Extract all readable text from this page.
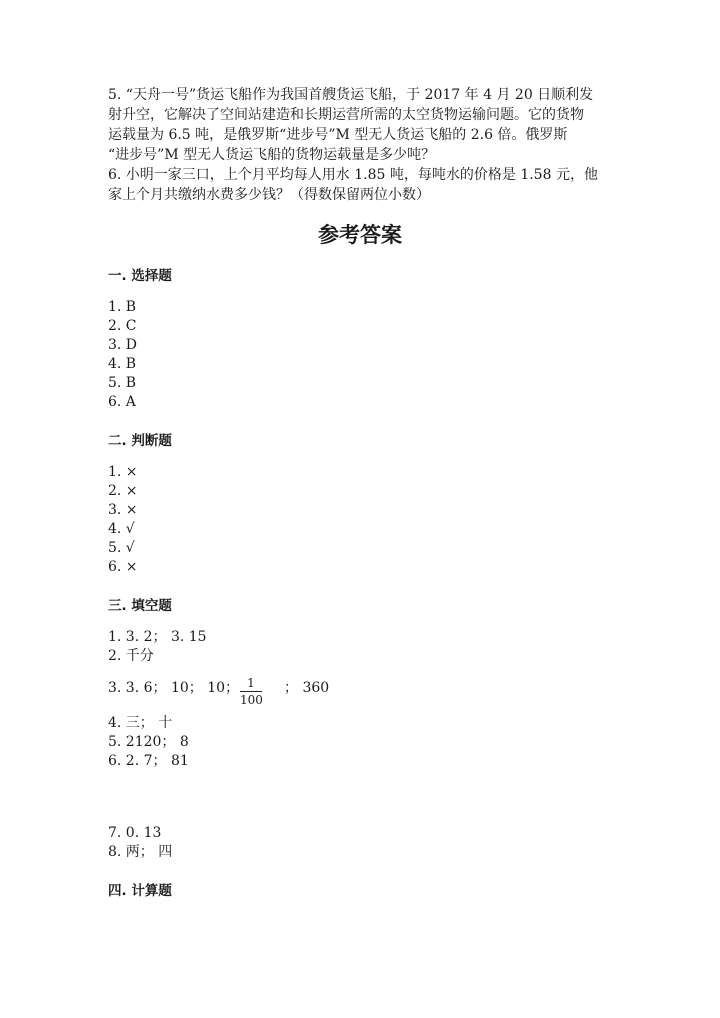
5. “天舟一号”货运飞船作为我国首艘货运飞船，于 2017 年 4 月 20 日顺利发
射升空，它解决了空间站建造和长期运营所需的太空货物运输问题。它的货物
运载量为 6.5 吨，是俄罗斯“进步号”M 型无人货运飞船的 2.6 倍。俄罗斯
“进步号”M 型无人货运飞船的货物运载量是多少吨？
6. 小明一家三口，上个月平均每人用水 1.85 吨，每吨水的价格是 1.58 元，他
家上个月共缴纳水费多少钱？（得数保留两位小数）
参考答案
一. 选择题
1. B
2. C
3. D
4. B
5. B
6. A
二. 判断题
1. ×
2. ×
3. ×
4. √
5. √
6. ×
三. 填空题
1. 3. 2； 3. 15
2. 千分
3. 3. 6； 10； 10； 1
100
； 360
4. 三； 十
5. 2120； 8
6. 2. 7； 81
7. 0. 13
8. 两； 四
四. 计算题
